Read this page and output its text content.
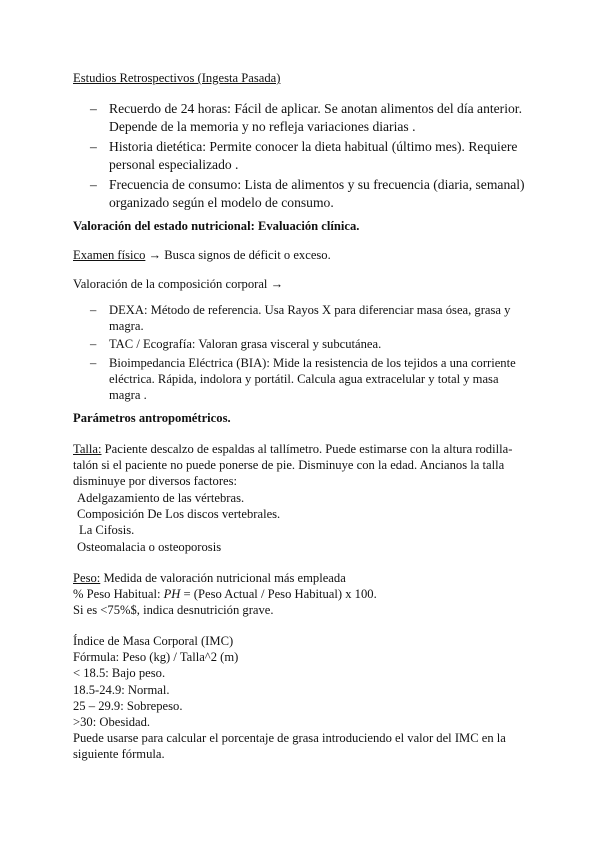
Estudios Retrospectivos (Ingesta Pasada)
– Recuerdo de 24 horas: Fácil de aplicar. Se anotan alimentos del día anterior. Depende de la memoria y no refleja variaciones diarias .
– Historia dietética: Permite conocer la dieta habitual (último mes). Requiere personal especializado .
– Frecuencia de consumo: Lista de alimentos y su frecuencia (diaria, semanal) organizado según el modelo de consumo.
Valoración del estado nutricional: Evaluación clínica.
Examen físico → Busca signos de déficit o exceso.
Valoración de la composición corporal →
– DEXA: Método de referencia. Usa Rayos X para diferenciar masa ósea, grasa y magra.
– TAC / Ecografía: Valoran grasa visceral y subcutánea.
– Bioimpedancia Eléctrica (BIA): Mide la resistencia de los tejidos a una corriente eléctrica. Rápida, indolora y portátil. Calcula agua extracelular y total y masa magra .
Parámetros antropométricos.
Talla: Paciente descalzo de espaldas al tallímetro. Puede estimarse con la altura rodilla-talón si el paciente no puede ponerse de pie. Disminuye con la edad. Ancianos la talla disminuye por diversos factores:
Adelgazamiento de las vértebras.
Composición De Los discos vertebrales.
La Cifosis.
Osteomalacia o osteoporosis
Peso: Medida de valoración nutricional más empleada
% Peso Habitual: PH = (Peso Actual / Peso Habitual) x 100.
Si es <75%$, indica desnutrición grave.
Índice de Masa Corporal (IMC)
Fórmula: Peso (kg) / Talla^2 (m)
< 18.5: Bajo peso.
18.5-24.9: Normal.
25 – 29.9: Sobrepeso.
>30: Obesidad.
Puede usarse para calcular el porcentaje de grasa introduciendo el valor del IMC en la siguiente fórmula.
